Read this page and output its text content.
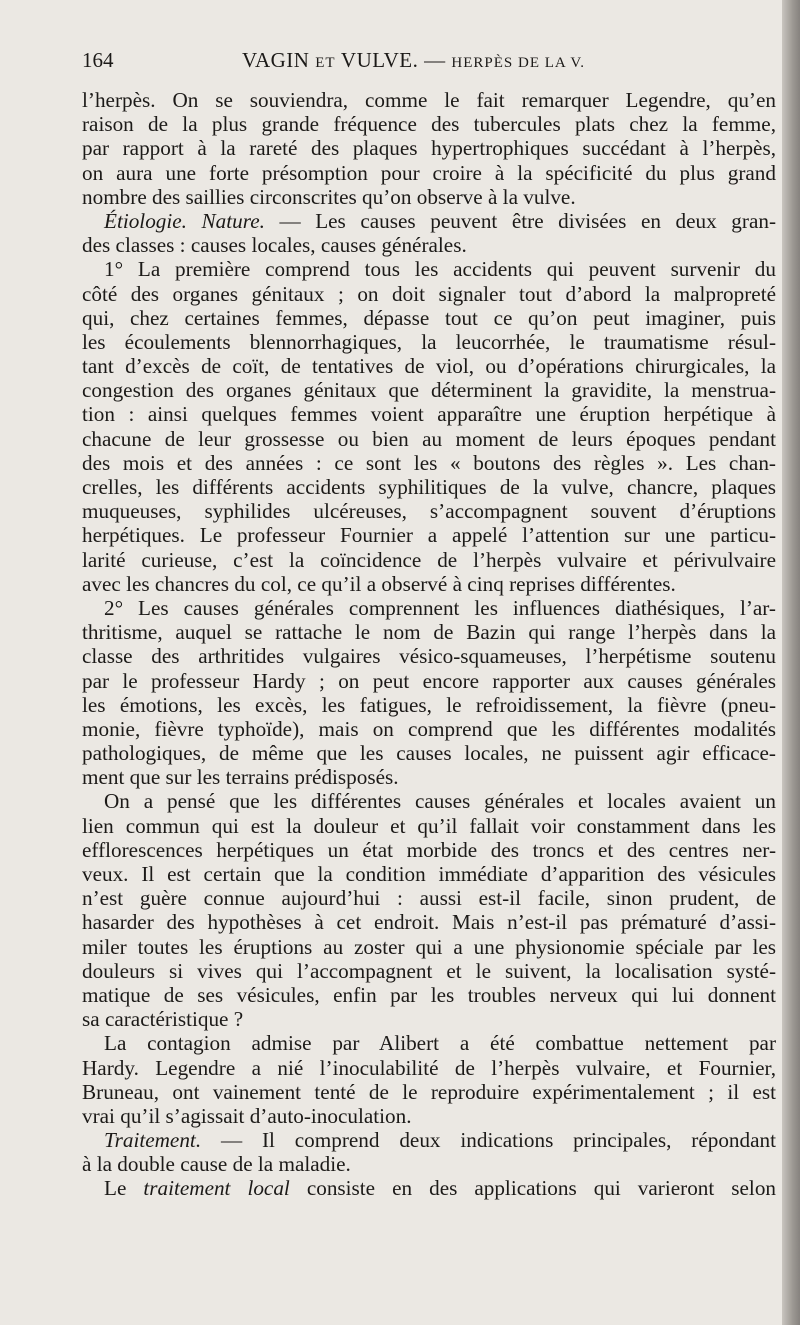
164	VAGIN ET VULVE. — HERPÈS DE LA V.
l’herpès. On se souviendra, comme le fait remarquer Legendre, qu’en
raison de la plus grande fréquence des tubercules plats chez la femme,
par rapport à la rareté des plaques hypertrophiques succédant à l’herpès,
on aura une forte présomption pour croire à la spécificité du plus grand
nombre des saillies circonscrites qu’on observe à la vulve.
Étiologie. Nature. — Les causes peuvent être divisées en deux gran-
des classes : causes locales, causes générales.
1° La première comprend tous les accidents qui peuvent survenir du
côté des organes génitaux ; on doit signaler tout d’abord la malpropreté
qui, chez certaines femmes, dépasse tout ce qu’on peut imaginer, puis
les écoulements blennorrhagiques, la leucorrhée, le traumatisme résul-
tant d’excès de coït, de tentatives de viol, ou d’opérations chirurgicales, la
congestion des organes génitaux que déterminent la gravidite, la menstrua-
tion : ainsi quelques femmes voient apparaître une éruption herpétique à
chacune de leur grossesse ou bien au moment de leurs époques pendant
des mois et des années : ce sont les « boutons des règles ». Les chan-
crelles, les différents accidents syphilitiques de la vulve, chancre, plaques
muqueuses, syphilides ulcéreuses, s’accompagnent souvent d’éruptions
herpétiques. Le professeur Fournier a appelé l’attention sur une particu-
larité curieuse, c’est la coïncidence de l’herpès vulvaire et périvulvaire
avec les chancres du col, ce qu’il a observé à cinq reprises différentes.
2° Les causes générales comprennent les influences diathésiques, l’ar-
thritisme, auquel se rattache le nom de Bazin qui range l’herpès dans la
classe des arthritides vulgaires vésico-squameuses, l’herpétisme soutenu
par le professeur Hardy ; on peut encore rapporter aux causes générales
les émotions, les excès, les fatigues, le refroidissement, la fièvre (pneu-
monie, fièvre typhoïde), mais on comprend que les différentes modalités
pathologiques, de même que les causes locales, ne puissent agir efficace-
ment que sur les terrains prédisposés.
On a pensé que les différentes causes générales et locales avaient un
lien commun qui est la douleur et qu’il fallait voir constamment dans les
efflorescences herpétiques un état morbide des troncs et des centres ner-
veux. Il est certain que la condition immédiate d’apparition des vésicules
n’est guère connue aujourd’hui : aussi est-il facile, sinon prudent, de
hasarder des hypothèses à cet endroit. Mais n’est-il pas prématuré d’assi-
miler toutes les éruptions au zoster qui a une physionomie spéciale par les
douleurs si vives qui l’accompagnent et le suivent, la localisation systé-
matique de ses vésicules, enfin par les troubles nerveux qui lui donnent
sa caractéristique ?
La contagion admise par Alibert a été combattue nettement par
Hardy. Legendre a nié l’inoculabilité de l’herpès vulvaire, et Fournier,
Bruneau, ont vainement tenté de le reproduire expérimentalement ; il est
vrai qu’il s’agissait d’auto-inoculation.
Traitement. — Il comprend deux indications principales, répondant
à la double cause de la maladie.
Le traitement local consiste en des applications qui varieront selon
